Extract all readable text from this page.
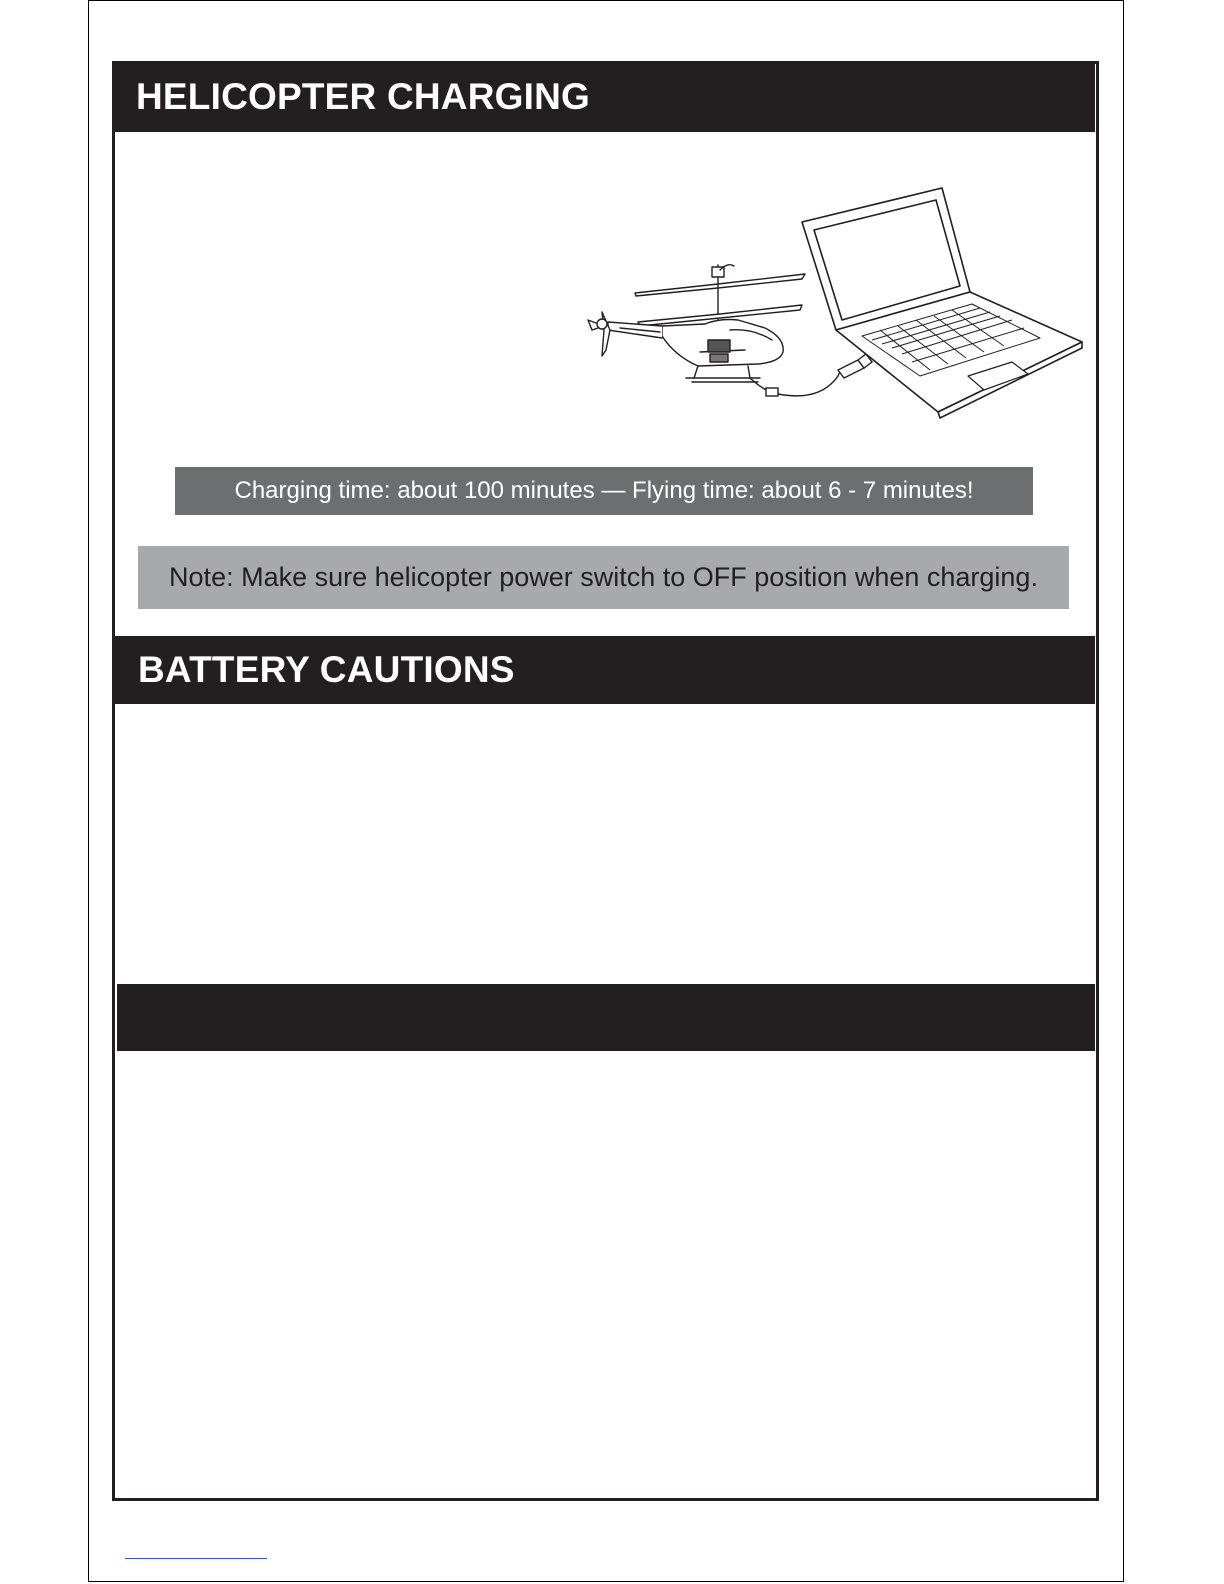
HELICOPTER CHARGING
Charging time: about 100 minutes — Flying time: about 6 - 7 minutes!
Note: Make sure helicopter power switch to OFF position when charging.
BATTERY CAUTIONS
